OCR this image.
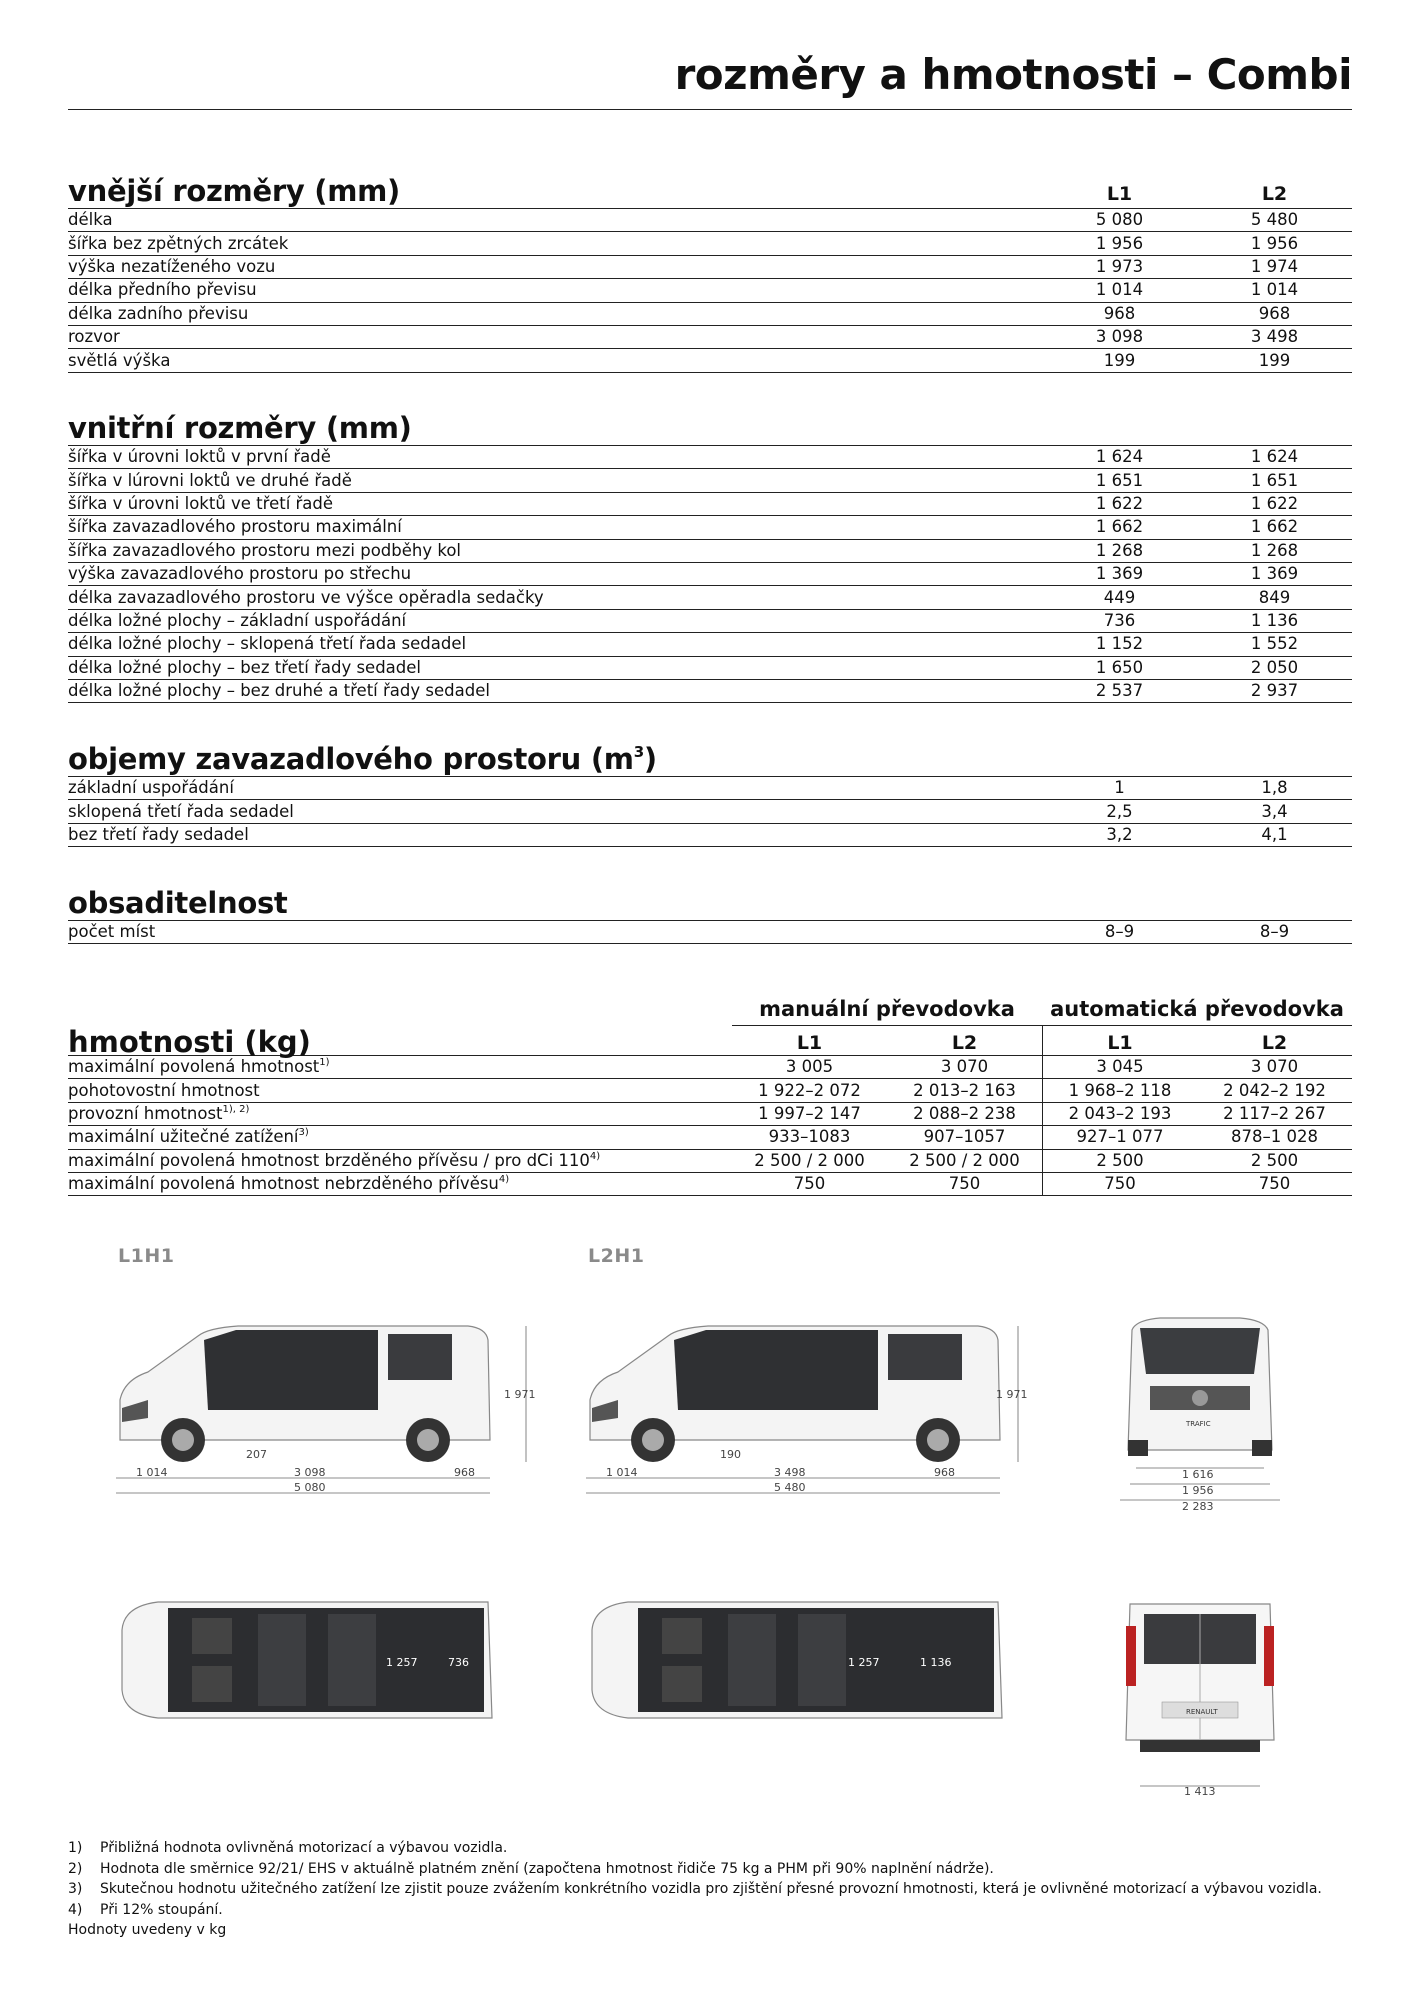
rozměry a hmotnosti – Combi
vnější rozměry (mm)	L1	L2
délka	5 080	5 480
šířka bez zpětných zrcátek	1 956	1 956
výška nezatíženého vozu	1 973	1 974
délka předního převisu	1 014	1 014
délka zadního převisu	968	968
rozvor	3 098	3 498
světlá výška	199	199
vnitřní rozměry (mm)
šířka v úrovni loktů v první řadě	1 624	1 624
šířka v lúrovni loktů ve druhé řadě	1 651	1 651
šířka v úrovni loktů ve třetí řadě	1 622	1 622
šířka zavazadlového prostoru maximální	1 662	1 662
šířka zavazadlového prostoru mezi podběhy kol	1 268	1 268
výška zavazadlového prostoru po střechu	1 369	1 369
délka zavazadlového prostoru ve výšce opěradla sedačky	449	849
délka ložné plochy – základní uspořádání	736	1 136
délka ložné plochy – sklopená třetí řada sedadel	1 152	1 552
délka ložné plochy – bez třetí řady sedadel	1 650	2 050
délka ložné plochy – bez druhé a třetí řady sedadel	2 537	2 937
objemy zavazadlového prostoru $(m^3)$
základní uspořádání	1	1,8
sklopená třetí řada sedadel	2,5	3,4
bez třetí řady sedadel	3,2	4,1
obsaditelnost
počet míst	8–9	8–9
manuální převodovka	automatická převodovka
hmotnosti (kg)	L1	L2	L1	L2
maximální povolená hmotnost$^{1)}$	3 005	3 070	3 045	3 070
pohotovostní hmotnost	1 922–2 072	2 013–2 163	1 968–2 118	2 042–2 192
provozní hmotnost$^{1), 2)}$	1 997–2 147	2 088–2 238	2 043–2 193	2 117–2 267
maximální užitečné zatížení$^{3)}$	933–1083	907–1057	927–1 077	878–1 028
maximální povolená hmotnost brzděného přívěsu / pro dCi 110$^{4)}$	2 500 / 2 000	2 500 / 2 000	2 500	2 500
maximální povolená hmotnost nebrzděného přívěsu$^{4)}$	750	750	750	750
L1H1	L2H1
1 971
207
1 014	3 098	968
5 080
1 971
190
1 014	3 498	968
5 480
TRAFIC
1 616
1 956
2 283
1 257	736	1 257	1 136
RENAULT
1 413
1)	Přibližná hodnota ovlivněná motorizací a výbavou vozidla.
2)	Hodnota dle směrnice 92/21/ EHS v aktuálně platném znění (započtena hmotnost řidiče 75 kg a PHM při 90% naplnění nádrže).
3)	Skutečnou hodnotu užitečného zatížení lze zjistit pouze zvážením konkrétního vozidla pro zjištění přesné provozní hmotnosti, která je ovlivněné motorizací a výbavou vozidla.
4)	Při 12% stoupání.
Hodnoty uvedeny v kg
